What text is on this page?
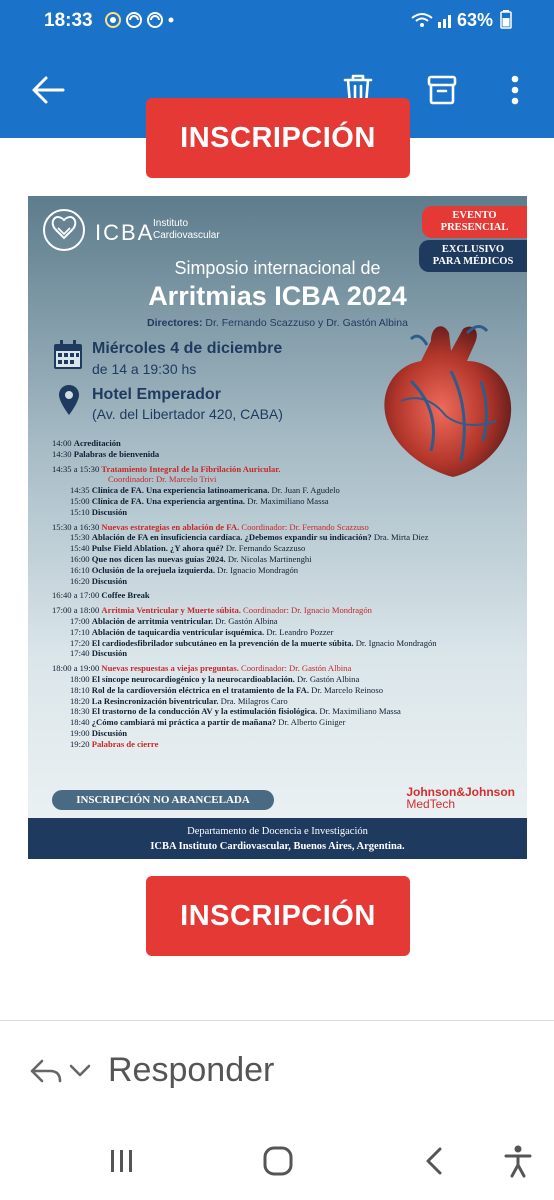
18:33	63%
INSCRIPCIÓN
ICBA
Instituto
Cardiovascular
EVENTO
PRESENCIAL
EXCLUSIVO
PARA MÉDICOS
Simposio internacional de
Arritmias ICBA 2024
Directores: Dr. Fernando Scazzuso y Dr. Gastón Albina
Miércoles 4 de diciembre
de 14 a 19:30 hs
Hotel Emperador
(Av. del Libertador 420, CABA)
14:00 Acreditación
14:30 Palabras de bienvenida
14:35 a 15:30 Tratamiento Integral de la Fibrilación Auricular.
Coordinador: Dr. Marcelo Trivi
14:35 Clínica de FA. Una experiencia latinoamericana. Dr. Juan F. Agudelo
15:00 Clínica de FA. Una experiencia argentina. Dr. Maximiliano Massa
15:10 Discusión
15:30 a 16:30 Nuevas estrategias en ablación de FA. Coordinador: Dr. Fernando Scazzuso
15:30 Ablación de FA en insuficiencia cardíaca. ¿Debemos expandir su indicación? Dra. Mirta Diez
15:40 Pulse Field Ablation. ¿Y ahora qué? Dr. Fernando Scazzuso
16:00 Que nos dicen las nuevas guías 2024. Dr. Nicolas Martinenghi
16:10 Oclusión de la orejuela izquierda. Dr. Ignacio Mondragón
16:20 Discusión
16:40 a 17:00 Coffee Break
17:00 a 18:00 Arritmia Ventricular y Muerte súbita. Coordinador: Dr. Ignacio Mondragón
17:00 Ablación de arritmia ventricular. Dr. Gastón Albina
17:10 Ablación de taquicardia ventricular isquémica. Dr. Leandro Pozzer
17:20 El cardiodesfibrilador subcutáneo en la prevención de la muerte súbita. Dr. Ignacio Mondragón
17:40 Discusión
18:00 a 19:00 Nuevas respuestas a viejas preguntas. Coordinador: Dr. Gastón Albina
18:00 El síncope neurocardiogénico y la neurocardioablación. Dr. Gastón Albina
18:10 Rol de la cardioversión eléctrica en el tratamiento de la FA. Dr. Marcelo Reinoso
18:20 La Resincronización biventricular. Dra. Milagros Caro
18:30 El trastorno de la conducción AV y la estimulación fisiológica. Dr. Maximiliano Massa
18:40 ¿Cómo cambiará mi práctica a partir de mañana? Dr. Alberto Giniger
19:00 Discusión
19:20 Palabras de cierre
INSCRIPCIÓN NO ARANCELADA
Johnson&Johnson
MedTech
Departamento de Docencia e Investigación
ICBA Instituto Cardiovascular, Buenos Aires, Argentina.
INSCRIPCIÓN
Responder
